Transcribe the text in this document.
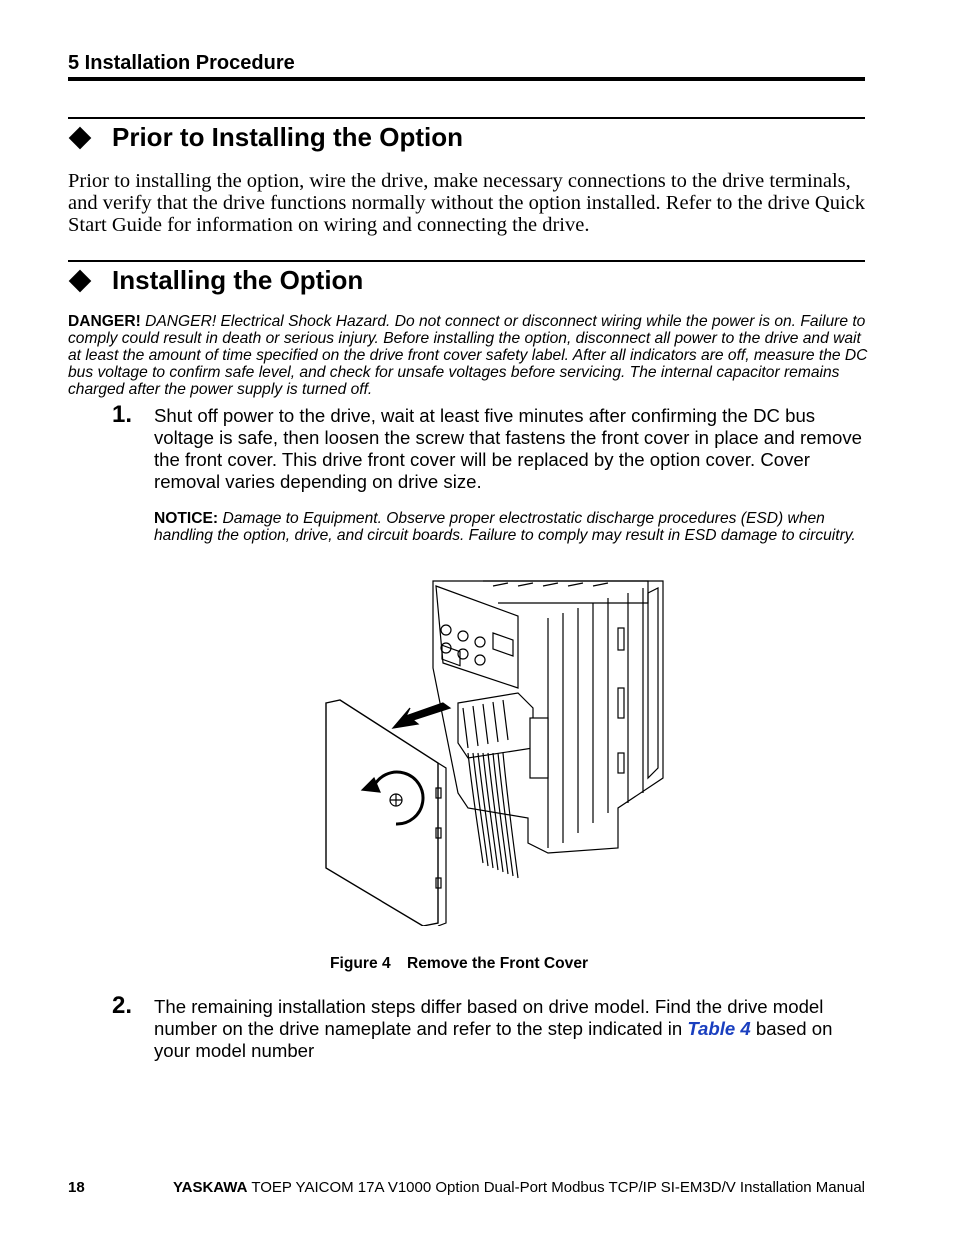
5 Installation Procedure
Prior to Installing the Option
Prior to installing the option, wire the drive, make necessary connections to the drive terminals, and verify that the drive functions normally without the option installed. Refer to the drive Quick Start Guide for information on wiring and connecting the drive.
Installing the Option
DANGER! DANGER! Electrical Shock Hazard. Do not connect or disconnect wiring while the power is on. Failure to comply could result in death or serious injury. Before installing the option, disconnect all power to the drive and wait at least the amount of time specified on the drive front cover safety label. After all indicators are off, measure the DC bus voltage to confirm safe level, and check for unsafe voltages before servicing. The internal capacitor remains charged after the power supply is turned off.
1. Shut off power to the drive, wait at least five minutes after confirming the DC bus voltage is safe, then loosen the screw that fastens the front cover in place and remove the front cover. This drive front cover will be replaced by the option cover. Cover removal varies depending on drive size.
NOTICE: Damage to Equipment. Observe proper electrostatic discharge procedures (ESD) when handling the option, drive, and circuit boards. Failure to comply may result in ESD damage to circuitry.
Figure 4 Remove the Front Cover
2. The remaining installation steps differ based on drive model. Find the drive model number on the drive nameplate and refer to the step indicated in Table 4 based on your model number
18	YASKAWA TOEP YAICOM 17A V1000 Option Dual-Port Modbus TCP/IP SI-EM3D/V Installation Manual
